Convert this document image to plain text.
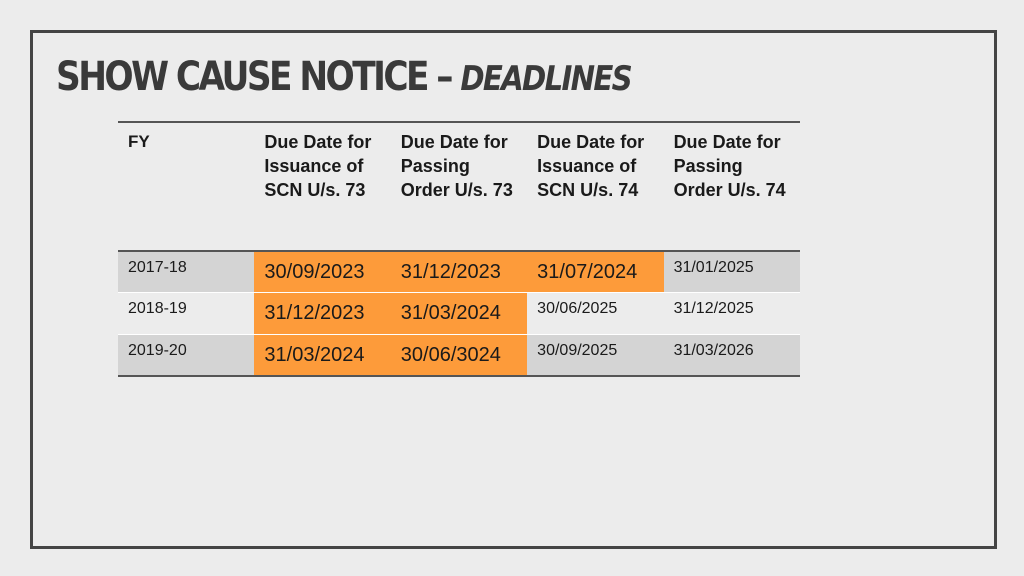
SHOW CAUSE NOTICE – DEADLINES
FY	Due Date for Issuance of SCN U/s. 73	Due Date for Passing Order U/s. 73	Due Date for Issuance of SCN U/s. 74	Due Date for Passing Order U/s. 74
2017-18	30/09/2023	31/12/2023	31/07/2024	31/01/2025
2018-19	31/12/2023	31/03/2024	30/06/2025	31/12/2025
2019-20	31/03/2024	30/06/3024	30/09/2025	31/03/2026
